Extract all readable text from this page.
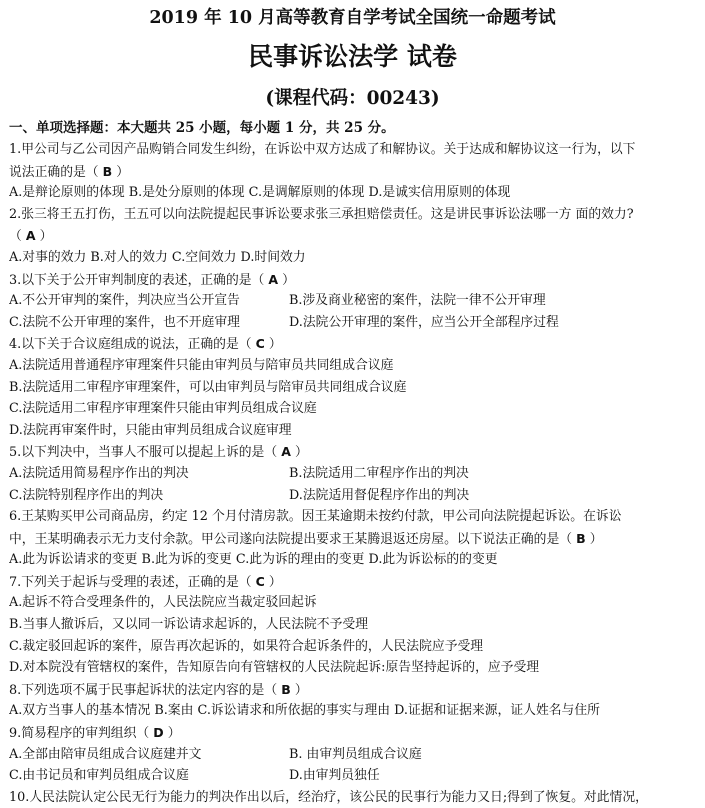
2019 年 10 月高等教育自学考试全国统一命题考试
民事诉讼法学 试卷
(课程代码：00243)
一、单项选择题：本大题共 25 小题，每小题 1 分，共 25 分。
1.甲公司与乙公司因产品购销合同发生纠纷，在诉讼中双方达成了和解协议。关于达成和解协议这一行为，以下
说法正确的是（ B ）
A.是辩论原则的体现 B.是处分原则的体现 C.是调解原则的体现 D.是诚实信用原则的体现
2.张三将王五打伤，王五可以向法院提起民事诉讼要求张三承担赔偿责任。这是讲民事诉讼法哪一方 面的效力?
（ A ）
A.对事的效力 B.对人的效力 C.空间效力 D.时间效力
3.以下关于公开审判制度的表述，正确的是（ A ）
A.不公开审判的案件，判决应当公开宣告	B.涉及商业秘密的案件，法院一律不公开审理
C.法院不公开审理的案件，也不开庭审理	D.法院公开审理的案件，应当公开全部程序过程
4.以下关于合议庭组成的说法，正确的是（ C ）
A.法院适用普通程序审理案件只能由审判员与陪审员共同组成合议庭
B.法院适用二审程序审理案件，可以由审判员与陪审员共同组成合议庭
C.法院适用二审程序审理案件只能由审判员组成合议庭
D.法院再审案件时，只能由审判员组成合议庭审理
5.以下判决中，当事人不服可以提起上诉的是（ A ）
A.法院适用简易程序作出的判决	B.法院适用二审程序作出的判决
C.法院特别程序作出的判决	D.法院适用督促程序作出的判决
6.王某购买甲公司商品房，约定 12 个月付清房款。因王某逾期未按约付款，甲公司向法院提起诉讼。在诉讼
中，王某明确表示无力支付余款。甲公司遂向法院提出要求王某腾退返还房屋。以下说法正确的是（ B ）
A.此为诉讼请求的变更 B.此为诉的变更 C.此为诉的理由的变更 D.此为诉讼标的的变更
7.下列关于起诉与受理的表述，正确的是（ C ）
A.起诉不符合受理条件的，人民法院应当裁定驳回起诉
B.当事人撤诉后，又以同一诉讼请求起诉的，人民法院不予受理
C.裁定驳回起诉的案件，原告再次起诉的，如果符合起诉条件的，人民法院应予受理
D.对本院没有管辖权的案件，告知原告向有管辖权的人民法院起诉:原告坚持起诉的，应予受理
8.下列选项不属于民事起诉状的法定内容的是（ B ）
A.双方当事人的基本情况 B.案由 C.诉讼请求和所依据的事实与理由 D.证据和证据来源，证人姓名与住所
9.简易程序的审判组织（ D ）
A.全部由陪审员组成合议庭建并文	B. 由审判员组成合议庭
C.由书记员和审判员组成合议庭	D.由审判员独任
10.人民法院认定公民无行为能力的判决作出以后，经治疗，该公民的民事行为能力又日;得到了恢复。对此情况，
